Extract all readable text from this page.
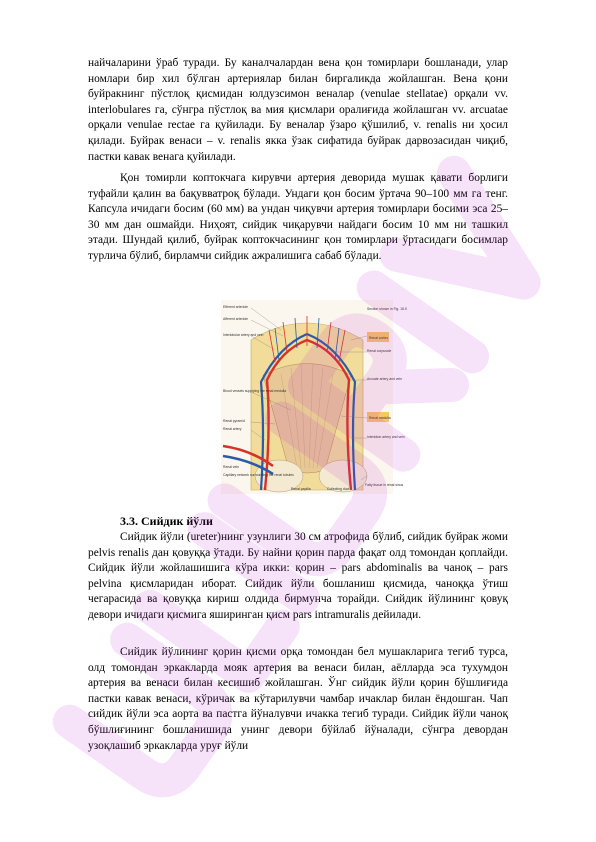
найчаларини ўраб туради. Бу каналчалардан вена қон томирлари бошланади, улар номлари бир хил бўлган артериялар билан биргаликда жойлашган. Вена қони буйракнинг пўстлоқ қисмидан юлдузсимон веналар (venulae stellatae) орқали vv. interlobulares га, сўнгра пўстлоқ ва мия қисмлари оралиғида жойлашган vv. arcuatae орқали venulae rectae га қуйилади. Бу веналар ўзаро қўшилиб, v. renalis ни ҳосил қилади. Буйрак венаси – v. renalis якка ўзак сифатида буйрак дарвозасидан чиқиб, пастки кавак венага қуйилади.

Қон томирли коптокчага кирувчи артерия деворида мушак қавати борлиги туфайли қалин ва бақувватроқ бўлади. Ундаги қон босим ўртача 90–100 мм га тенг. Капсула ичидаги босим (60 мм) ва ундан чиқувчи артерия томирлари босими эса 25–30 мм дан ошмайди. Ниҳоят, сийдик чиқарувчи найдаги босим 10 мм ни ташкил этади. Шундай қилиб, буйрак коптокчасининг қон томирлари ўртасидаги босимлар турлича бўлиб, бирламчи сийдик ажралишига сабаб бўлади.

Efferent arteriole
Afferent arteriole
Interlobular artery and vein
Blood vessels supplying the renal medulla
Renal pyramid
Renal artery
Renal vein
Capillary network surrounding the renal tubules
Section shown in Fig. 18.5
Renal cortex
Renal corpuscle
Arcuate artery and vein
Renal medulla
Interlobar artery and vein
Fatty tissue in renal sinus
Renal papilla	Collecting duct

3.3. Сийдик йўли

Сийдик йўли (ureter)нинг узунлиги 30 см атрофида бўлиб, сийдик буйрак жоми pelvis renalis дан қовуққа ўтади. Бу найни қорин парда фақат олд томондан қоплайди. Сийдик йўли жойлашишига кўра икки: қорин – pars abdominalis ва чаноқ – pars pelvina қисмларидан иборат. Сийдик йўли бошланиш қисмида, чаноққа ўтиш чегарасида ва қовуққа кириш олдида бирмунча торайди. Сийдик йўлининг қовуқ девори ичидаги қисмига яширинган қисм pars intramuralis дейилади.

Сийдик йўлининг қорин қисми орқа томондан бел мушакларига тегиб турса, олд томондан эркакларда мояк артерия ва венаси билан, аёлларда эса тухумдон артерия ва венаси билан кесишиб жойлашган. Ўнг сийдик йўли қорин бўшлиғида пастки кавак венаси, кўричак ва кўтарилувчи чамбар ичаклар билан ёндошган. Чап сийдик йўли эса аорта ва пастга йўналувчи ичакка тегиб туради. Сийдик йўли чаноқ бўшлиғининг бошланишида унинг девори бўйлаб йўналади, сўнгра девордан узоқлашиб эркакларда уруғ йўли
